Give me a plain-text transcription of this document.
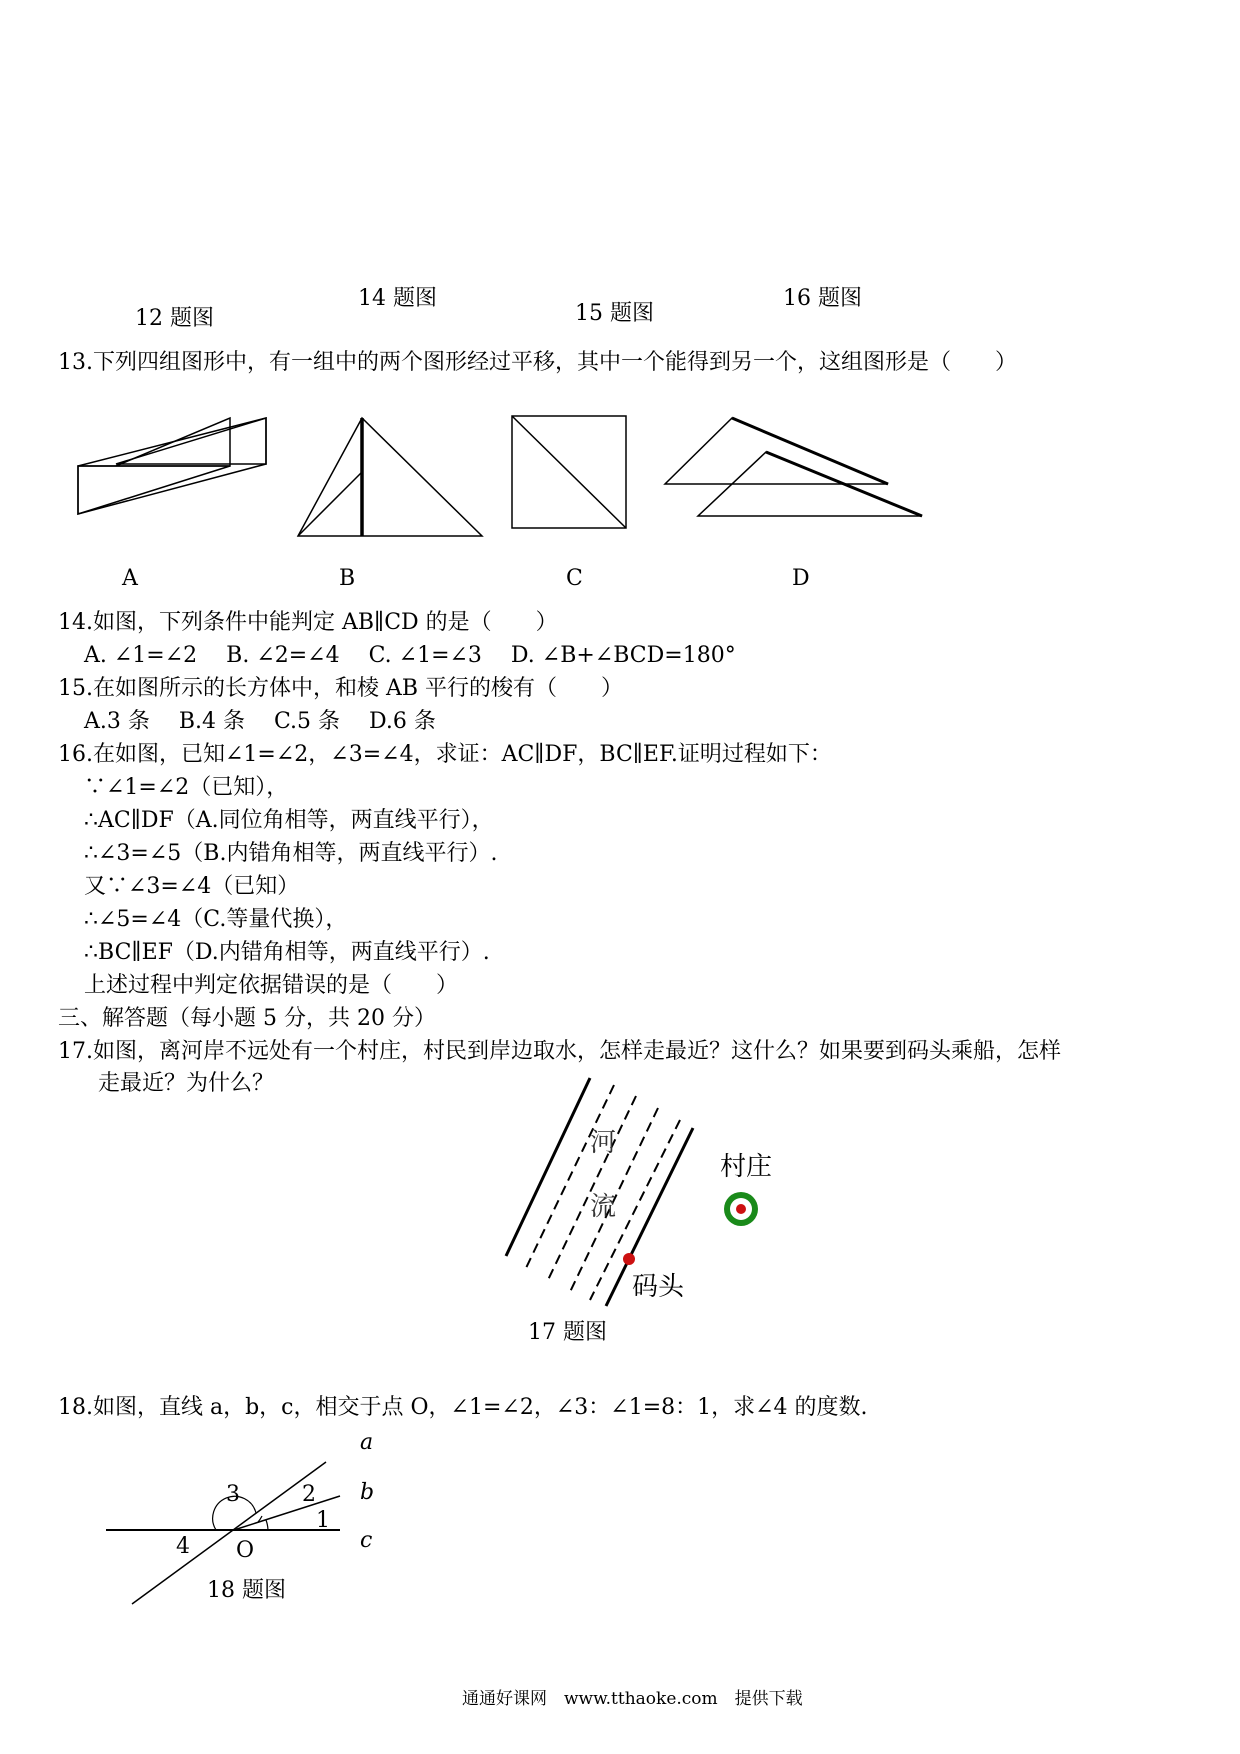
12 题图
14 题图
15 题图
16 题图
13.下列四组图形中，有一组中的两个图形经过平移，其中一个能得到另一个，这组图形是（　　）
A	B	C	D
14.如图，下列条件中能判定 AB∥CD 的是（　　）
A. ∠1=∠2　 B. ∠2=∠4　 C. ∠1=∠3　 D. ∠B+∠BCD=180°
15.在如图所示的长方体中，和棱 AB 平行的梭有（　　）
A.3 条　 B.4 条　 C.5 条　 D.6 条
16.在如图，已知∠1=∠2，∠3=∠4，求证：AC∥DF，BC∥EF.证明过程如下：
∵∠1=∠2（已知），
∴AC∥DF（A.同位角相等，两直线平行），
∴∠3=∠5（B.内错角相等，两直线平行）.
又∵∠3=∠4（已知）
∴∠5=∠4（C.等量代换），
∴BC∥EF（D.内错角相等，两直线平行）.
上述过程中判定依据错误的是（　　）
三、解答题（每小题 5 分，共 20 分）
17.如图，离河岸不远处有一个村庄，村民到岸边取水，怎样走最近？这什么？如果要到码头乘船，怎样
走最近？为什么？
河
流
村庄
码头
17 题图
18.如图，直线 a，b，c，相交于点 O，∠1=∠2，∠3：∠1=8：1，求∠4 的度数.
a
b
c
3	2
1
4 O
18 题图
通通好课网　www.tthaoke.com　提供下载
